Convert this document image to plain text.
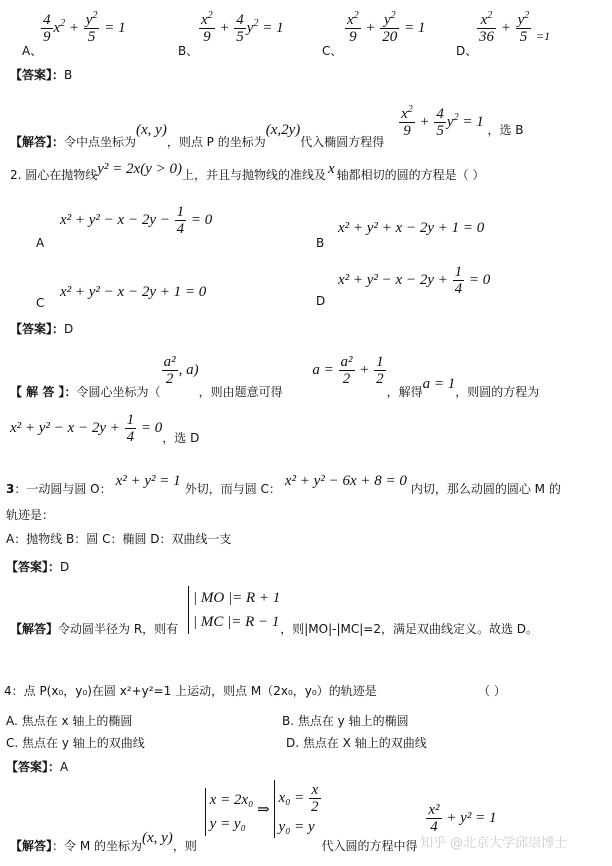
A、
$\frac{4}{9} x^2 + \frac{y^2}{5} = 1$
B、
$\frac{x^2}{9} + \frac{4}{5} y^2 = 1$
C、
$\frac{x^2}{9} + \frac{y^2}{20} = 1$
D、
$\frac{x^2}{36} + \frac{y^2}{5} _{=1}$
【答案】：B
【解答】：令中点坐标为(x, y)，则点 P 的坐标为(x,2y)代入椭圆方程得
$\frac{x^2}{9} + \frac{4}{5} y^2 = 1$ ，选 B
2. 圆心在抛物线y² = 2x(y > 0)上，并且与抛物线的准线及 x 轴都相切的圆的方程是（ ）
A
$x^2 + y^2 - x - 2y - \frac{1}{4} = 0$
B
x² + y² + x − 2y + 1 = 0
C
x² + y² − x − 2y + 1 = 0
D
$x^2 + y^2 - x - 2y + \frac{1}{4} = 0$
【答案】：D
【 解 答 】：令圆心坐标为（
$\frac{\text{a²}}{2}$ , a)，则由题意可得 $a = \frac{\text{a²}}{2} + \frac{1}{2}$
，解得a = 1，则圆的方程为
$x^2 + y^2 - x - 2y + \frac{1}{4} = 0_{,选 D}$
3：一动圆与圆 O： x² + y² = 1 外切，而与圆 C： x² + y² − 6x + 8 = 0 内切，那么动圆的圆心 M 的
轨迹是：
A：抛物线 B：圆 C：椭圆 D：双曲线一支
【答案】：D
【解答】令动圆半径为 R，则有
| MO |= R + 1
| MC |= R − 1 ，则|MO|-|MC|=2，满足双曲线定义。故选 D。
4：点 P(x₀，y₀)在圆 x²+y²=1 上运动，则点 M（2x₀，y₀）的轨迹是	（ ）
A. 焦点在 x 轴上的椭圆	B. 焦点在 y 轴上的椭圆
C. 焦点在 y 轴上的双曲线	D. 焦点在 X 轴上的双曲线
【答案】：A
【解答】：令 M 的坐标为(x, y)，则
x = 2x₀
y = y₀
⇒
$x_0 = \frac{x}{2}$
y₀ = y
代入圆的方程中得
$\frac{\text{x²}}{4} + y^2 = 1$
知乎 @北京大学邱崇博士
